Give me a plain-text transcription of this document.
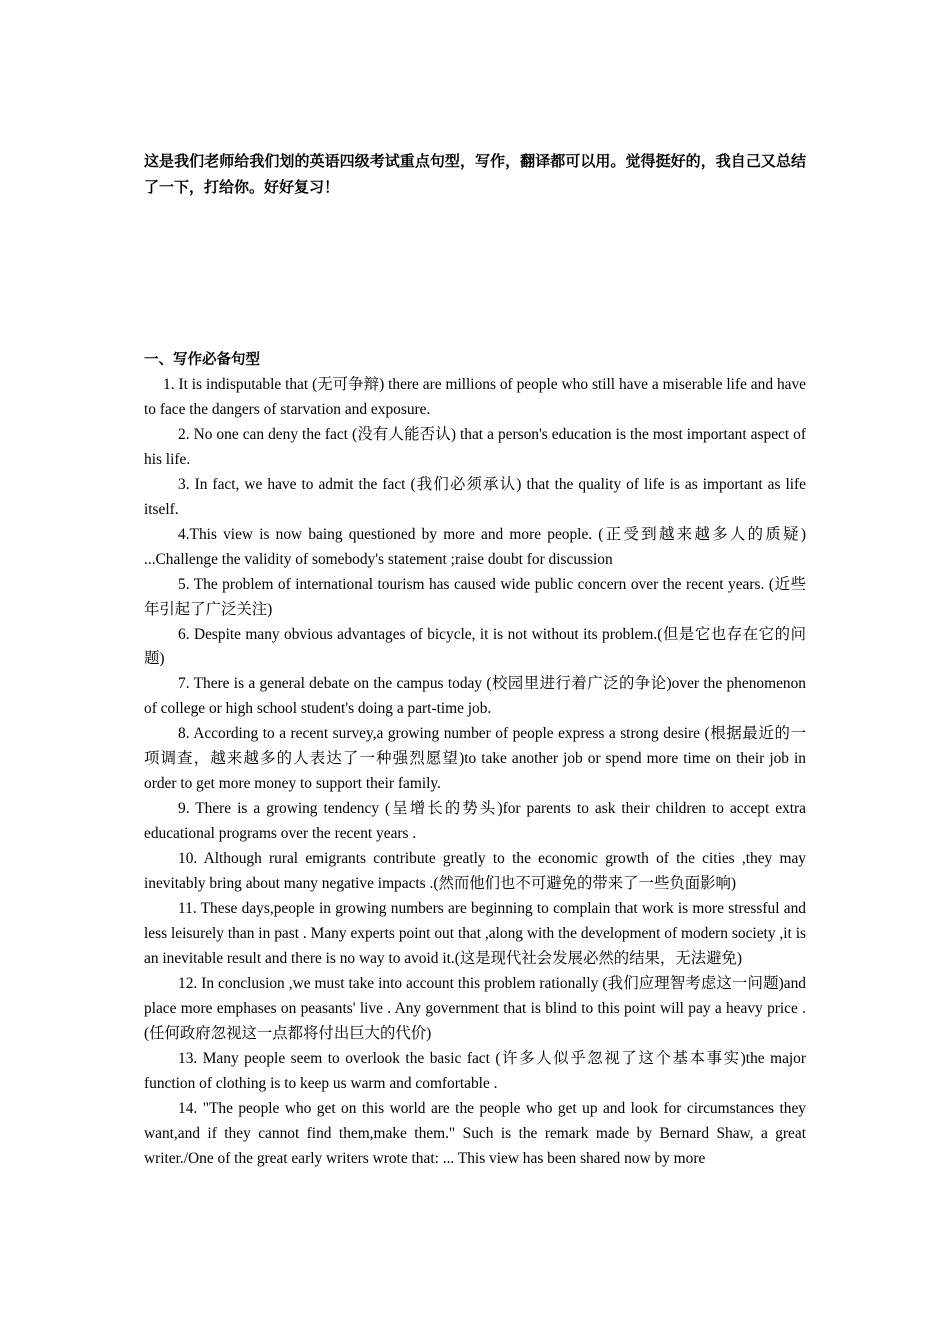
这是我们老师给我们划的英语四级考试重点句型，写作，翻译都可以用。觉得挺好的，我自己又总结了一下，打给你。好好复习！
一、写作必备句型

1. It is indisputable that (无可争辩) there are millions of people who still have a miserable life and have to face the dangers of starvation and exposure.

2. No one can deny the fact (没有人能否认) that a person's education is the most important aspect of his life.

3. In fact, we have to admit the fact (我们必须承认) that the quality of life is as important as life itself.

4.This view is now baing questioned by more and more people. (正受到越来越多人的质疑) ...Challenge the validity of somebody's statement ;raise doubt for discussion

5. The problem of international tourism has caused wide public concern over the recent years. (近些年引起了广泛关注)

6. Despite many obvious advantages of bicycle, it is not without its problem.(但是它也存在它的问题)

7. There is a general debate on the campus today (校园里进行着广泛的争论)over the phenomenon of college or high school student's doing a part-time job.

8. According to a recent survey,a growing number of people express a strong desire (根据最近的一项调查，越来越多的人表达了一种强烈愿望)to take another job or spend more time on their job in order to get more money to support their family.

9. There is a growing tendency (呈增长的势头)for parents to ask their children to accept extra educational programs over the recent years .

10. Although rural emigrants contribute greatly to the economic growth of the cities ,they may inevitably bring about many negative impacts .(然而他们也不可避免的带来了一些负面影响)

11. These days,people in growing numbers are beginning to complain that work is more stressful and less leisurely than in past . Many experts point out that ,along with the development of modern society ,it is an inevitable result and there is no way to avoid it.(这是现代社会发展必然的结果，无法避免)

12. In conclusion ,we must take into account this problem rationally (我们应理智考虑这一问题)and place more emphases on peasants' live . Any government that is blind to this point will pay a heavy price . (任何政府忽视这一点都将付出巨大的代价)

13. Many people seem to overlook the basic fact (许多人似乎忽视了这个基本事实)the major function of clothing is to keep us warm and comfortable .

14. "The people who get on this world are the people who get up and look for circumstances they want,and if they cannot find them,make them." Such is the remark made by Bernard Shaw, a great writer./One of the great early writers wrote that: ... This view has been shared now by more
